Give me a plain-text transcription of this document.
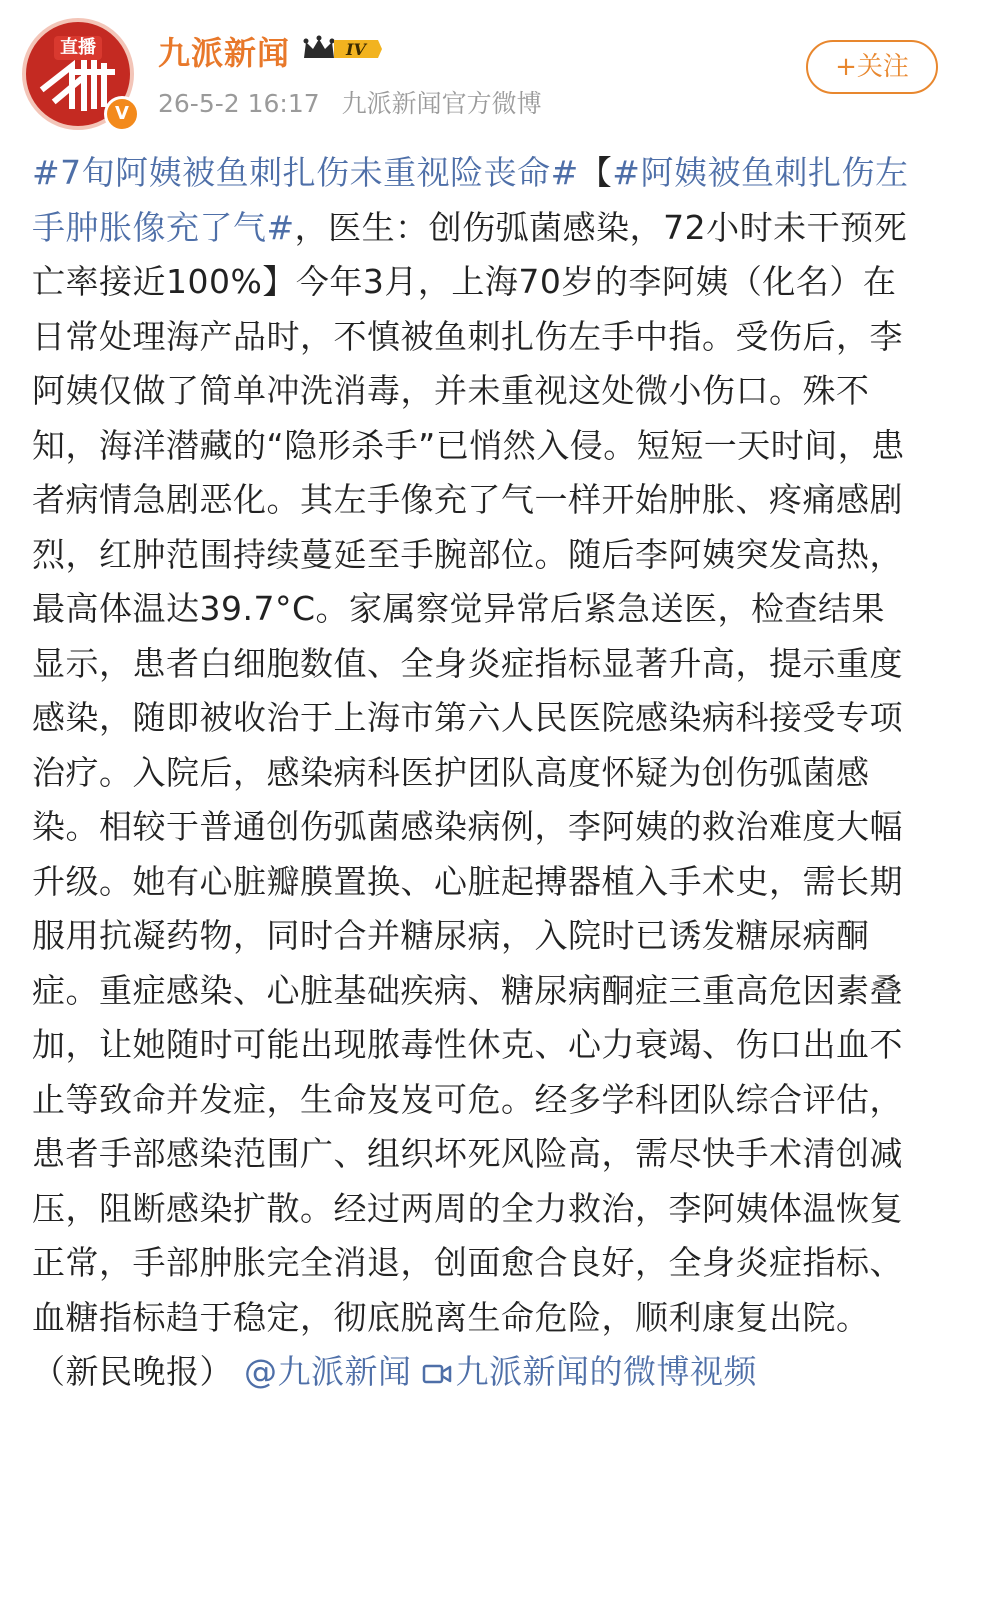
直播
V
九派新闻	IV
26-5-2 16:17 九派新闻官方微博
+关注
#7旬阿姨被鱼刺扎伤未重视险丧命#【#阿姨被鱼刺扎伤左手肿胀像充了气#，医生：创伤弧菌感染，72小时未干预死亡率接近100%】今年3月，上海70岁的李阿姨（化名）在日常处理海产品时，不慎被鱼刺扎伤左手中指。受伤后，李阿姨仅做了简单冲洗消毒，并未重视这处微小伤口。殊不知，海洋潜藏的“隐形杀手”已悄然入侵。短短一天时间，患者病情急剧恶化。其左手像充了气一样开始肿胀、疼痛感剧烈，红肿范围持续蔓延至手腕部位。随后李阿姨突发高热，最高体温达39.7°C。家属察觉异常后紧急送医，检查结果显示，患者白细胞数值、全身炎症指标显著升高，提示重度感染，随即被收治于上海市第六人民医院感染病科接受专项治疗。入院后，感染病科医护团队高度怀疑为创伤弧菌感染。相较于普通创伤弧菌感染病例，李阿姨的救治难度大幅升级。她有心脏瓣膜置换、心脏起搏器植入手术史，需长期服用抗凝药物，同时合并糖尿病，入院时已诱发糖尿病酮症。重症感染、心脏基础疾病、糖尿病酮症三重高危因素叠加，让她随时可能出现脓毒性休克、心力衰竭、伤口出血不止等致命并发症，生命岌岌可危。经多学科团队综合评估，患者手部感染范围广、组织坏死风险高，需尽快手术清创减压，阻断感染扩散。经过两周的全力救治，李阿姨体温恢复正常，手部肿胀完全消退，创面愈合良好，全身炎症指标、血糖指标趋于稳定，彻底脱离生命危险，顺利康复出院。（新民晚报） @九派新闻 九派新闻的微博视频
